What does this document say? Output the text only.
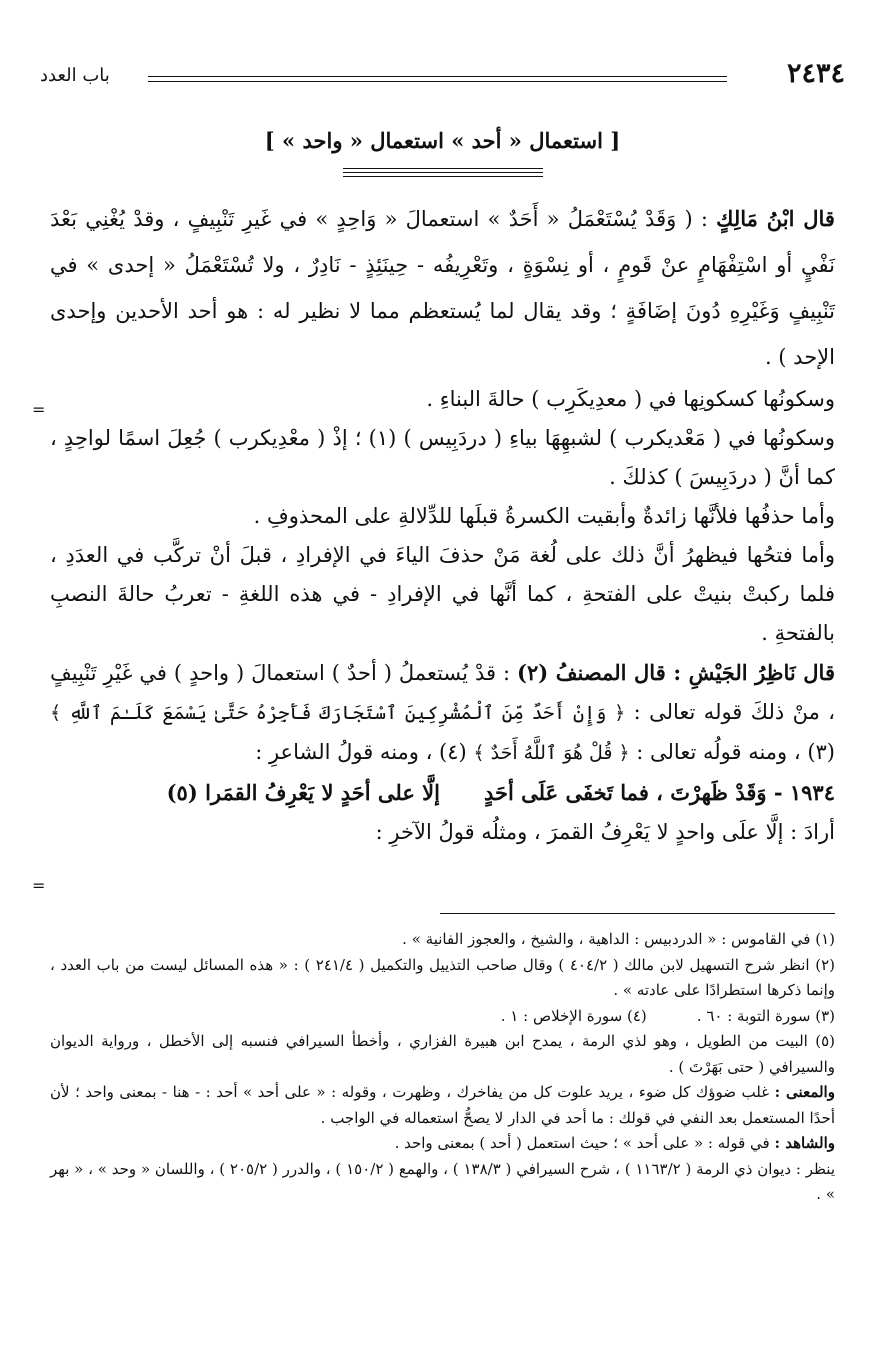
٢٤٣٤
باب العدد
[ استعمال « أحد » استعمال « واحد » ]

قال ابْنُ مَالِكٍ : ( وَقَدْ يُسْتَعْمَلُ « أَحَدٌ » استعمالَ « وَاحِدٍ » في غَيرِ تَنْبِيفٍ ، وقدْ يُغْنِي بَعْدَ نَفْيٍ أو اسْتِفْهَامٍ عنْ قَومٍ ، أو نِسْوَةٍ ، وتَعْرِيفُه - حِينَئِذٍ - نَادِرٌ ، ولا تُسْتَعْمَلُ « إحدى » في تَنْبِيفٍ وَغَيْرِهِ دُونَ إضَافَةٍ ؛ وقد يقال لما يُستعظم مما لا نظير له : هو أحد الأحدين وإحدى الإحد ) .

وسكونُها كسكونِها في ( معدِيكَرِب ) حالةَ البناءِ .

وسكونُها في ( مَعْديكرب ) لشبهِهَا بياءِ ( دردَبِيس ) (١) ؛ إذْ ( معْدِيكرب ) جُعِلَ اسمًا لواحِدٍ ، كما أنَّ ( دردَبِيسَ ) كذلكَ .

وأما حذفُها فلأنَّها زائدةٌ وأبقيت الكسرةُ قبلَها للدِّلالةِ على المحذوفِ .

وأما فتحُها فيظهرُ أنَّ ذلك على لُغة مَنْ حذفَ الياءَ في الإفرادِ ، قبلَ أنْ تركَّب في العدَدِ ، فلما ركبتْ بنيتْ على الفتحةِ ، كما أنَّها في الإفرادِ - في هذه اللغةِ - تعربُ حالةَ النصبِ بالفتحةِ .

قال نَاظِرُ الجَيْشِ : قال المصنفُ (٢) : قدْ يُستعملُ ( أحدٌ ) استعمالَ ( واحدٍ ) في غَيْرِ تَنْبِيفٍ ، منْ ذلكَ قوله تعالى : ﴿ وَإِنْ أَحَدٌ مِّنَ ٱلْمُشْرِكِينَ ٱسْتَجَارَكَ فَأَجِرْهُ حَتَّىٰ يَسْمَعَ كَلَـٰمَ ٱللَّهِ ﴾ (٣) ، ومنه قولُه تعالى : ﴿ قُلْ هُوَ ٱللَّهُ أَحَدٌ ﴾ (٤) ، ومنه قولُ الشاعرِ :

١٩٣٤ - وَقَدْ ظَهرْتَ ، فما تَخفَى عَلَى أحَدٍإلَّا على أحَدٍ لا يَعْرِفُ القمَرا (٥)

أرادَ : إلَّا علَى واحدٍ لا يَعْرِفُ القمرَ ، ومثلُه قولُ الآخرِ :

=
=

(١) في القاموس : « الدردبيس : الداهية ، والشيخ ، والعجوز الفانية » .

(٢) انظر شرح التسهيل لابن مالك ( ٤٠٤/٢ ) وقال صاحب التذييل والتكميل ( ٢٤١/٤ ) : « هذه المسائل ليست من باب العدد ، وإنما ذكرها استطرادًا على عادته » .

(٣) سورة التوبة : ٦٠ .

(٤) سورة الإخلاص : ١ .

(٥) البيت من الطويل ، وهو لذي الرمة ، يمدح ابن هبيرة الفزاري ، وأخطأ السيرافي فنسبه إلى الأخطل ، ورواية الديوان والسيرافي ( حتى بَهَرْتَ ) .

والمعنى : غلب ضوؤك كل ضوء ، يريد علوت كل من يفاخرك ، وظهرت ، وقوله : « على أحد » أحد : - هنا - بمعنى واحد ؛ لأن أحدًا المستعمل بعد النفي في قولك : ما أحد في الدار لا يصحُّ استعماله في الواجب .

والشاهد : في قوله : « على أحد » ؛ حيث استعمل ( أحد ) بمعنى واحد .

ينظر : ديوان ذي الرمة ( ١١٦٣/٢ ) ، شرح السيرافي ( ١٣٨/٣ ) ، والهمع ( ١٥٠/٢ ) ، والدرر ( ٢٠٥/٢ ) ، واللسان « وحد » ، « بهر » .
